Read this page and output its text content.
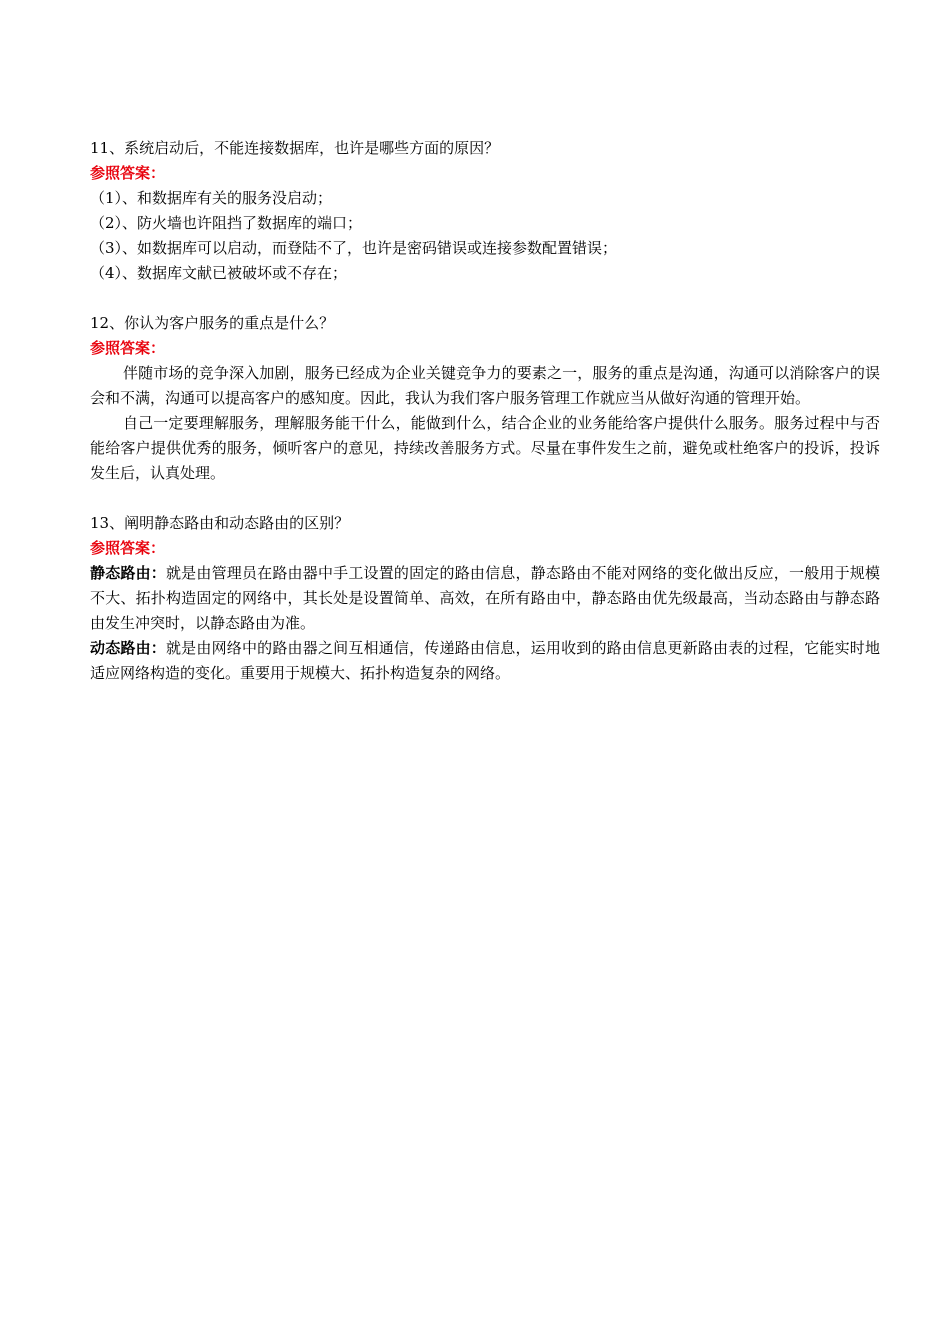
11、系统启动后，不能连接数据库，也许是哪些方面的原因？

参照答案：

（1）、和数据库有关的服务没启动；

（2）、防火墙也许阻挡了数据库的端口；

（3）、如数据库可以启动，而登陆不了，也许是密码错误或连接参数配置错误；

（4）、数据库文献已被破坏或不存在；

12、你认为客户服务的重点是什么？

参照答案：

伴随市场的竞争深入加剧，服务已经成为企业关键竞争力的要素之一，服务的重点是沟通，沟通可以消除客户的误会和不满，沟通可以提高客户的感知度。因此，我认为我们客户服务管理工作就应当从做好沟通的管理开始。

自己一定要理解服务，理解服务能干什么，能做到什么，结合企业的业务能给客户提供什么服务。服务过程中与否能给客户提供优秀的服务，倾听客户的意见，持续改善服务方式。尽量在事件发生之前，避免或杜绝客户的投诉，投诉发生后，认真处理。

13、阐明静态路由和动态路由的区别？

参照答案：

静态路由：就是由管理员在路由器中手工设置的固定的路由信息，静态路由不能对网络的变化做出反应，一般用于规模不大、拓扑构造固定的网络中，其长处是设置简单、高效，在所有路由中，静态路由优先级最高，当动态路由与静态路由发生冲突时，以静态路由为准。

动态路由：就是由网络中的路由器之间互相通信，传递路由信息，运用收到的路由信息更新路由表的过程，它能实时地适应网络构造的变化。重要用于规模大、拓扑构造复杂的网络。
